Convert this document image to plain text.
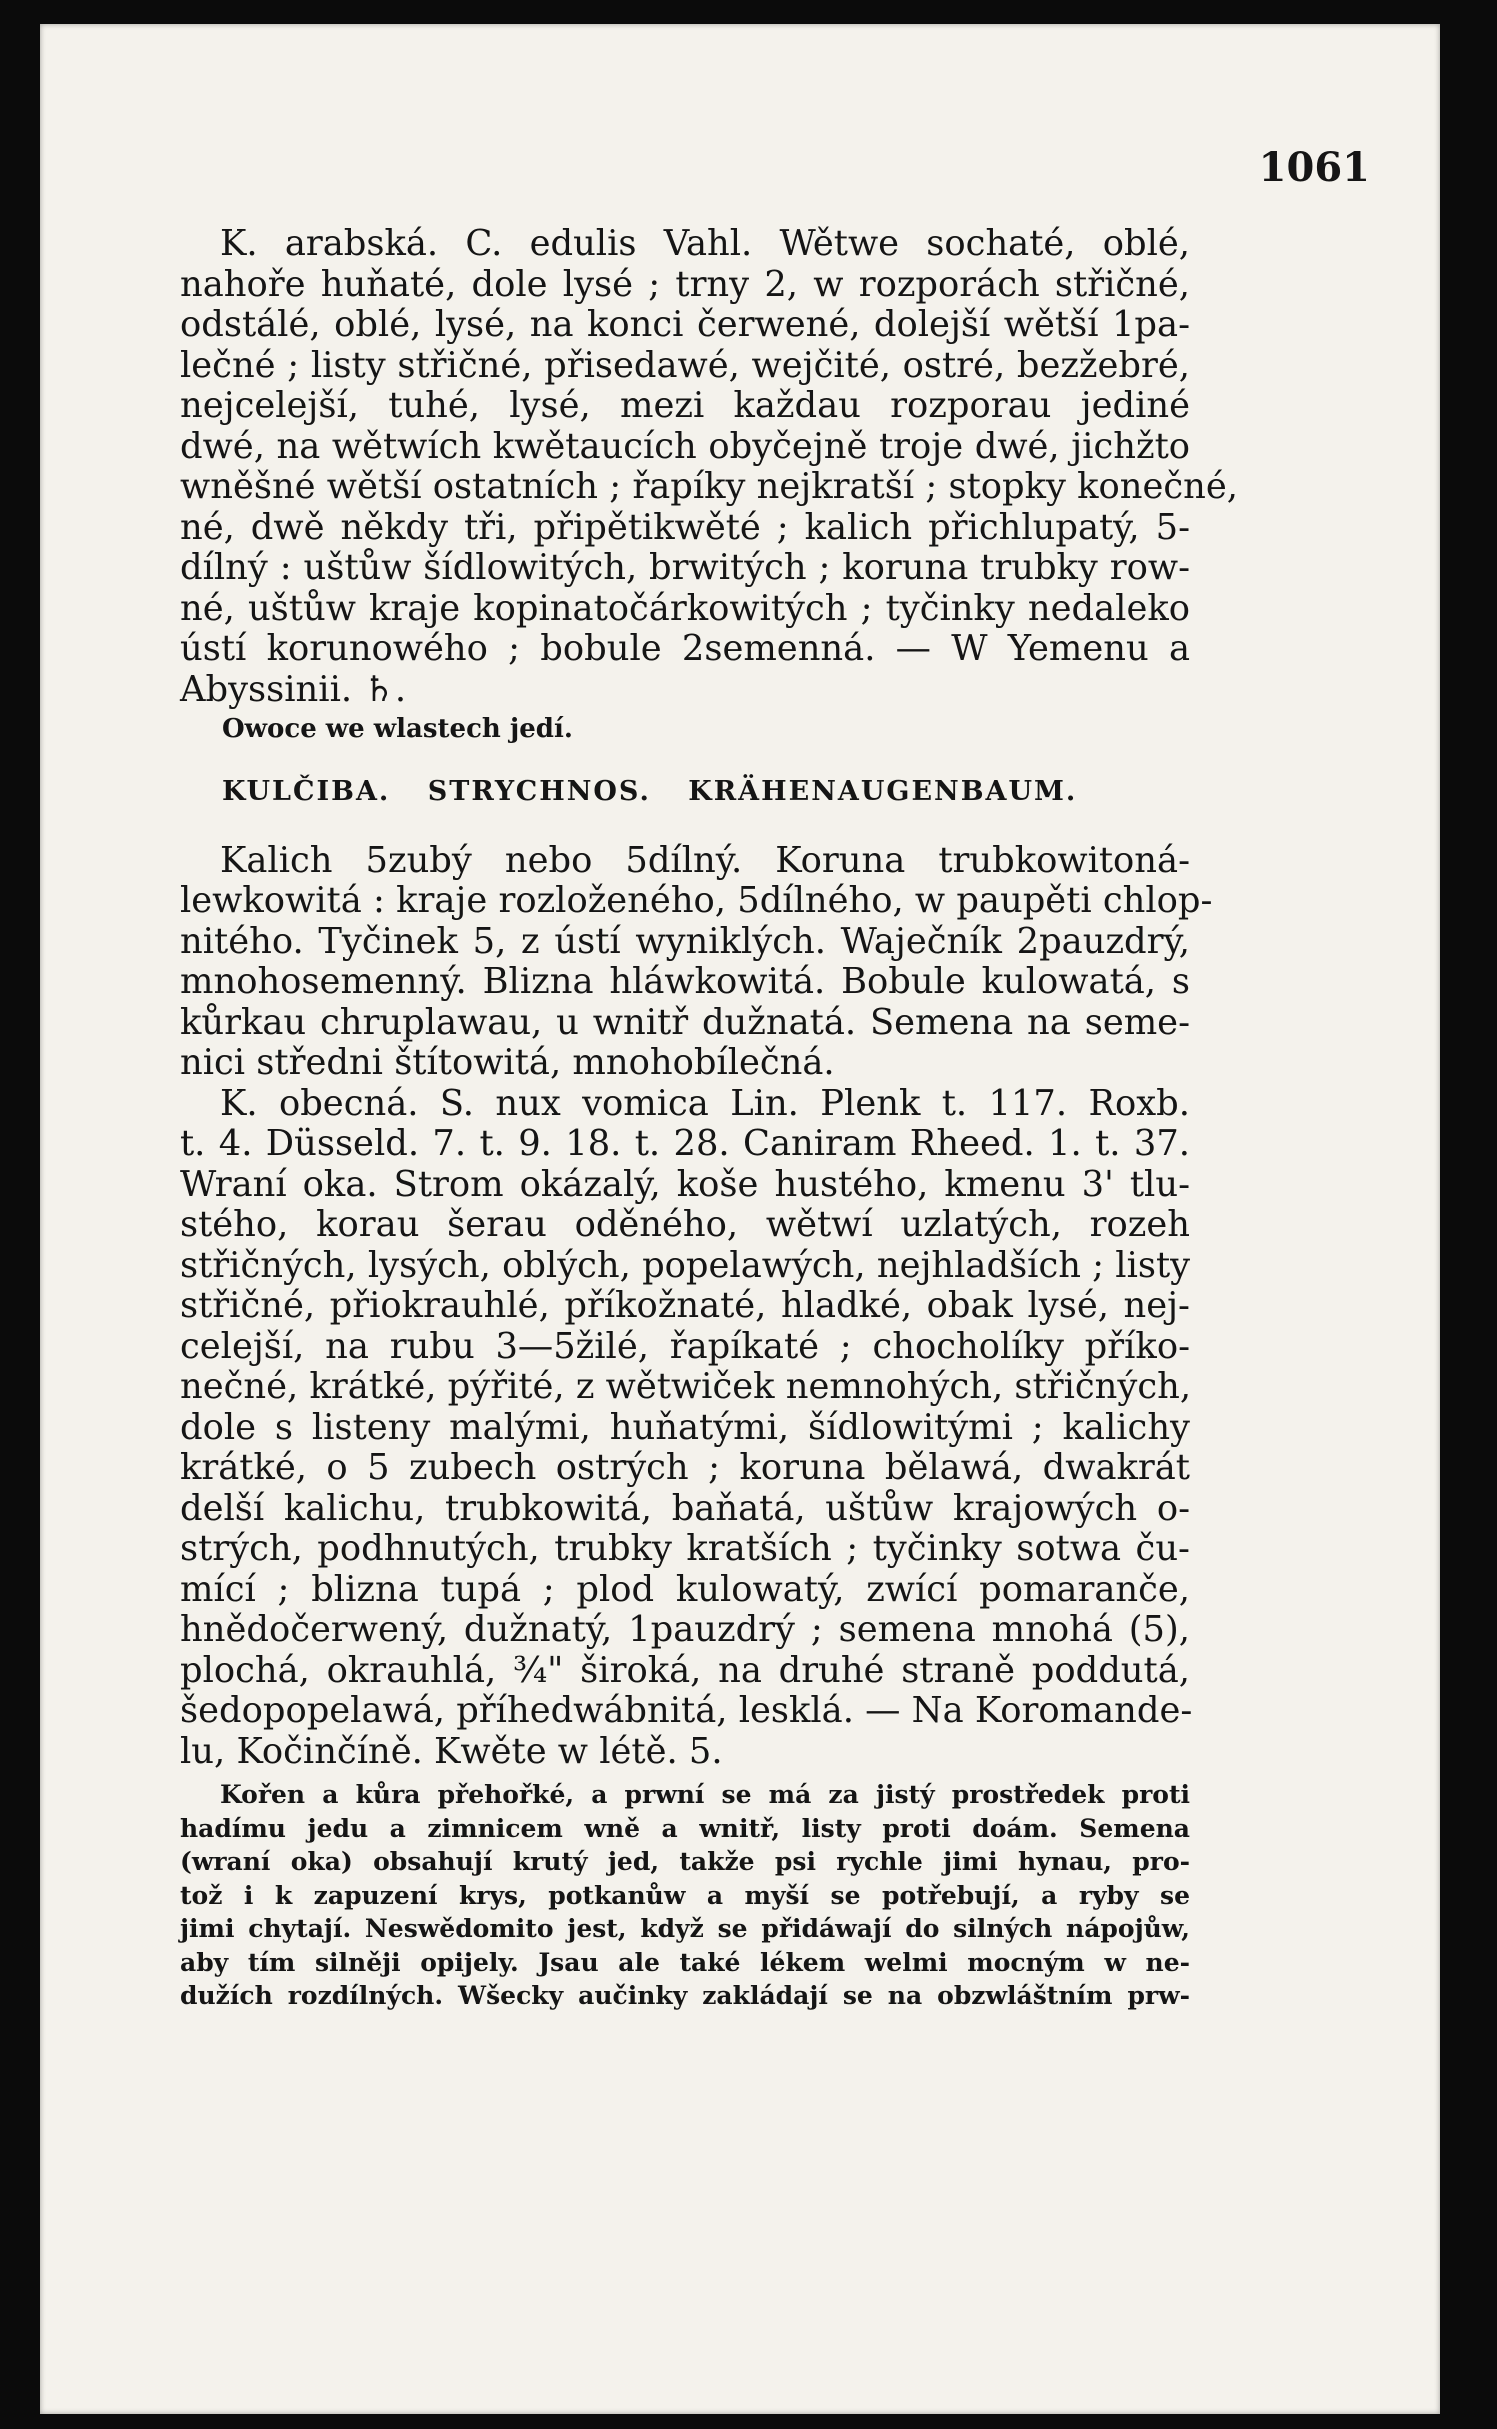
1061
K. arabská. C. edulis Vahl. Wětwe sochaté, oblé,
nahoře huňaté, dole lysé ; trny 2, w rozporách střičné,
odstálé, oblé, lysé, na konci čerwené, dolejší wětší 1pa-
lečné ; listy střičné, přisedawé, wejčité, ostré, bezžebré,
nejcelejší, tuhé, lysé, mezi každau rozporau jediné
dwé, na wětwích kwětaucích obyčejně troje dwé, jichžto
wněšné wětší ostatních ; řapíky nejkratší ; stopky konečné,
né, dwě někdy tři, připětikwěté ; kalich přichlupatý, 5-
dílný : uštůw šídlowitých, brwitých ; koruna trubky row-
né, uštůw kraje kopinatočárkowitých ; tyčinky nedaleko
ústí korunowého ; bobule 2semenná. — W Yemenu a
Abyssinii. ♄.
Owoce we wlastech jedí.
KULČIBA. STRYCHNOS. KRÄHENAUGENBAUM.
Kalich 5zubý nebo 5dílný. Koruna trubkowitoná-
lewkowitá : kraje rozloženého, 5dílného, w paupěti chlop-
nitého. Tyčinek 5, z ústí wyniklých. Waječník 2pauzdrý,
mnohosemenný. Blizna hláwkowitá. Bobule kulowatá, s
kůrkau chruplawau, u wnitř dužnatá. Semena na seme-
nici středni štítowitá, mnohobílečná.
K. obecná. S. nux vomica Lin. Plenk t. 117. Roxb.
t. 4. Düsseld. 7. t. 9. 18. t. 28. Caniram Rheed. 1. t. 37.
Wraní oka. Strom okázalý, koše hustého, kmenu 3' tlu-
stého, korau šerau oděného, wětwí uzlatých, rozeh
střičných, lysých, oblých, popelawých, nejhladších ; listy
střičné, přiokrauhlé, příkožnaté, hladké, obak lysé, nej-
celejší, na rubu 3—5žilé, řapíkaté ; chocholíky příko-
nečné, krátké, pýřité, z wětwiček nemnohých, střičných,
dole s listeny malými, huňatými, šídlowitými ; kalichy
krátké, o 5 zubech ostrých ; koruna bělawá, dwakrát
delší kalichu, trubkowitá, baňatá, uštůw krajowých o-
strých, podhnutých, trubky kratších ; tyčinky sotwa ču-
mící ; blizna tupá ; plod kulowatý, zwící pomaranče,
hnědočerwený, dužnatý, 1pauzdrý ; semena mnohá (5),
plochá, okrauhlá, ¾" široká, na druhé straně poddutá,
šedopopelawá, příhedwábnitá, lesklá. — Na Koromande-
lu, Kočinčíně. Kwěte w létě. 5.
Kořen a kůra přehořké, a prwní se má za jistý prostředek proti
hadímu jedu a zimnicem wně a wnitř, listy proti doám. Semena
(wraní oka) obsahují krutý jed, takže psi rychle jimi hynau, pro-
tož i k zapuzení krys, potkanůw a myší se potřebují, a ryby se
jimi chytají. Neswědomito jest, když se přidáwají do silných nápojůw,
aby tím silněji opijely. Jsau ale také lékem welmi mocným w ne-
dužích rozdílných. Wšecky aučinky zakládají se na obzwláštním prw-
